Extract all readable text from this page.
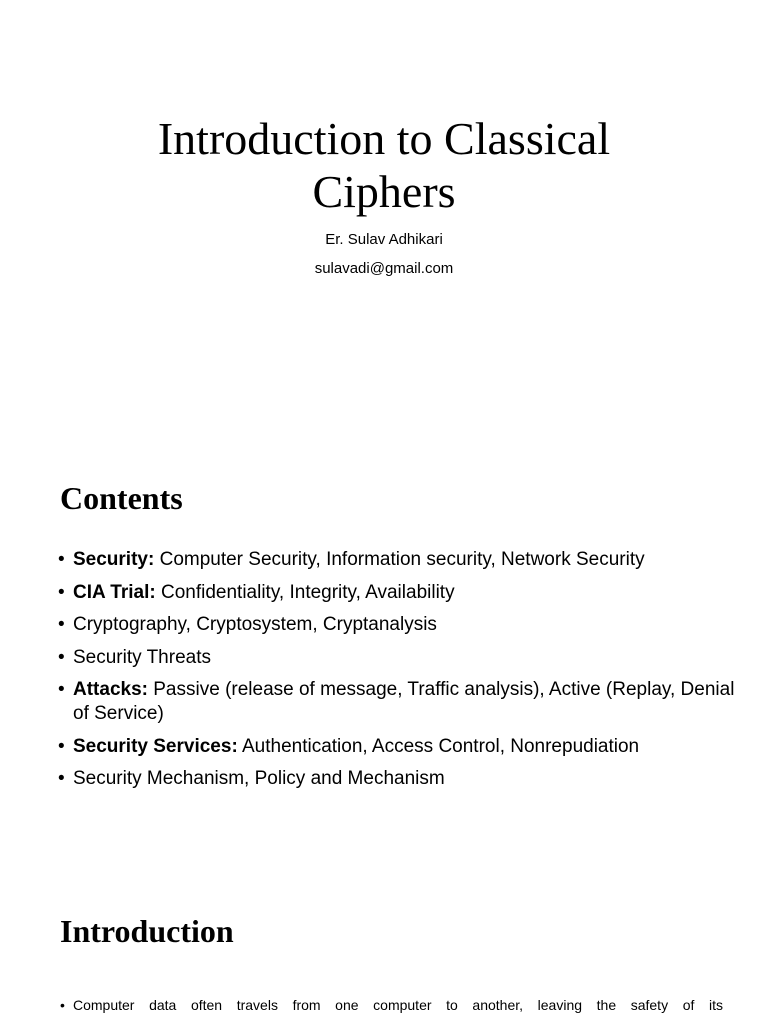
Introduction to Classical
Ciphers
Er. Sulav Adhikari
sulavadi@gmail.com
Contents
• Security: Computer Security, Information security, Network Security
• CIA Trial: Confidentiality, Integrity, Availability
• Cryptography, Cryptosystem, Cryptanalysis
• Security Threats
• Attacks: Passive (release of message, Traffic analysis), Active (Replay, Denial of Service)
• Security Services: Authentication, Access Control, Nonrepudiation
• Security Mechanism, Policy and Mechanism
Introduction
• Computer data often travels from one computer to another, leaving the safety of its
